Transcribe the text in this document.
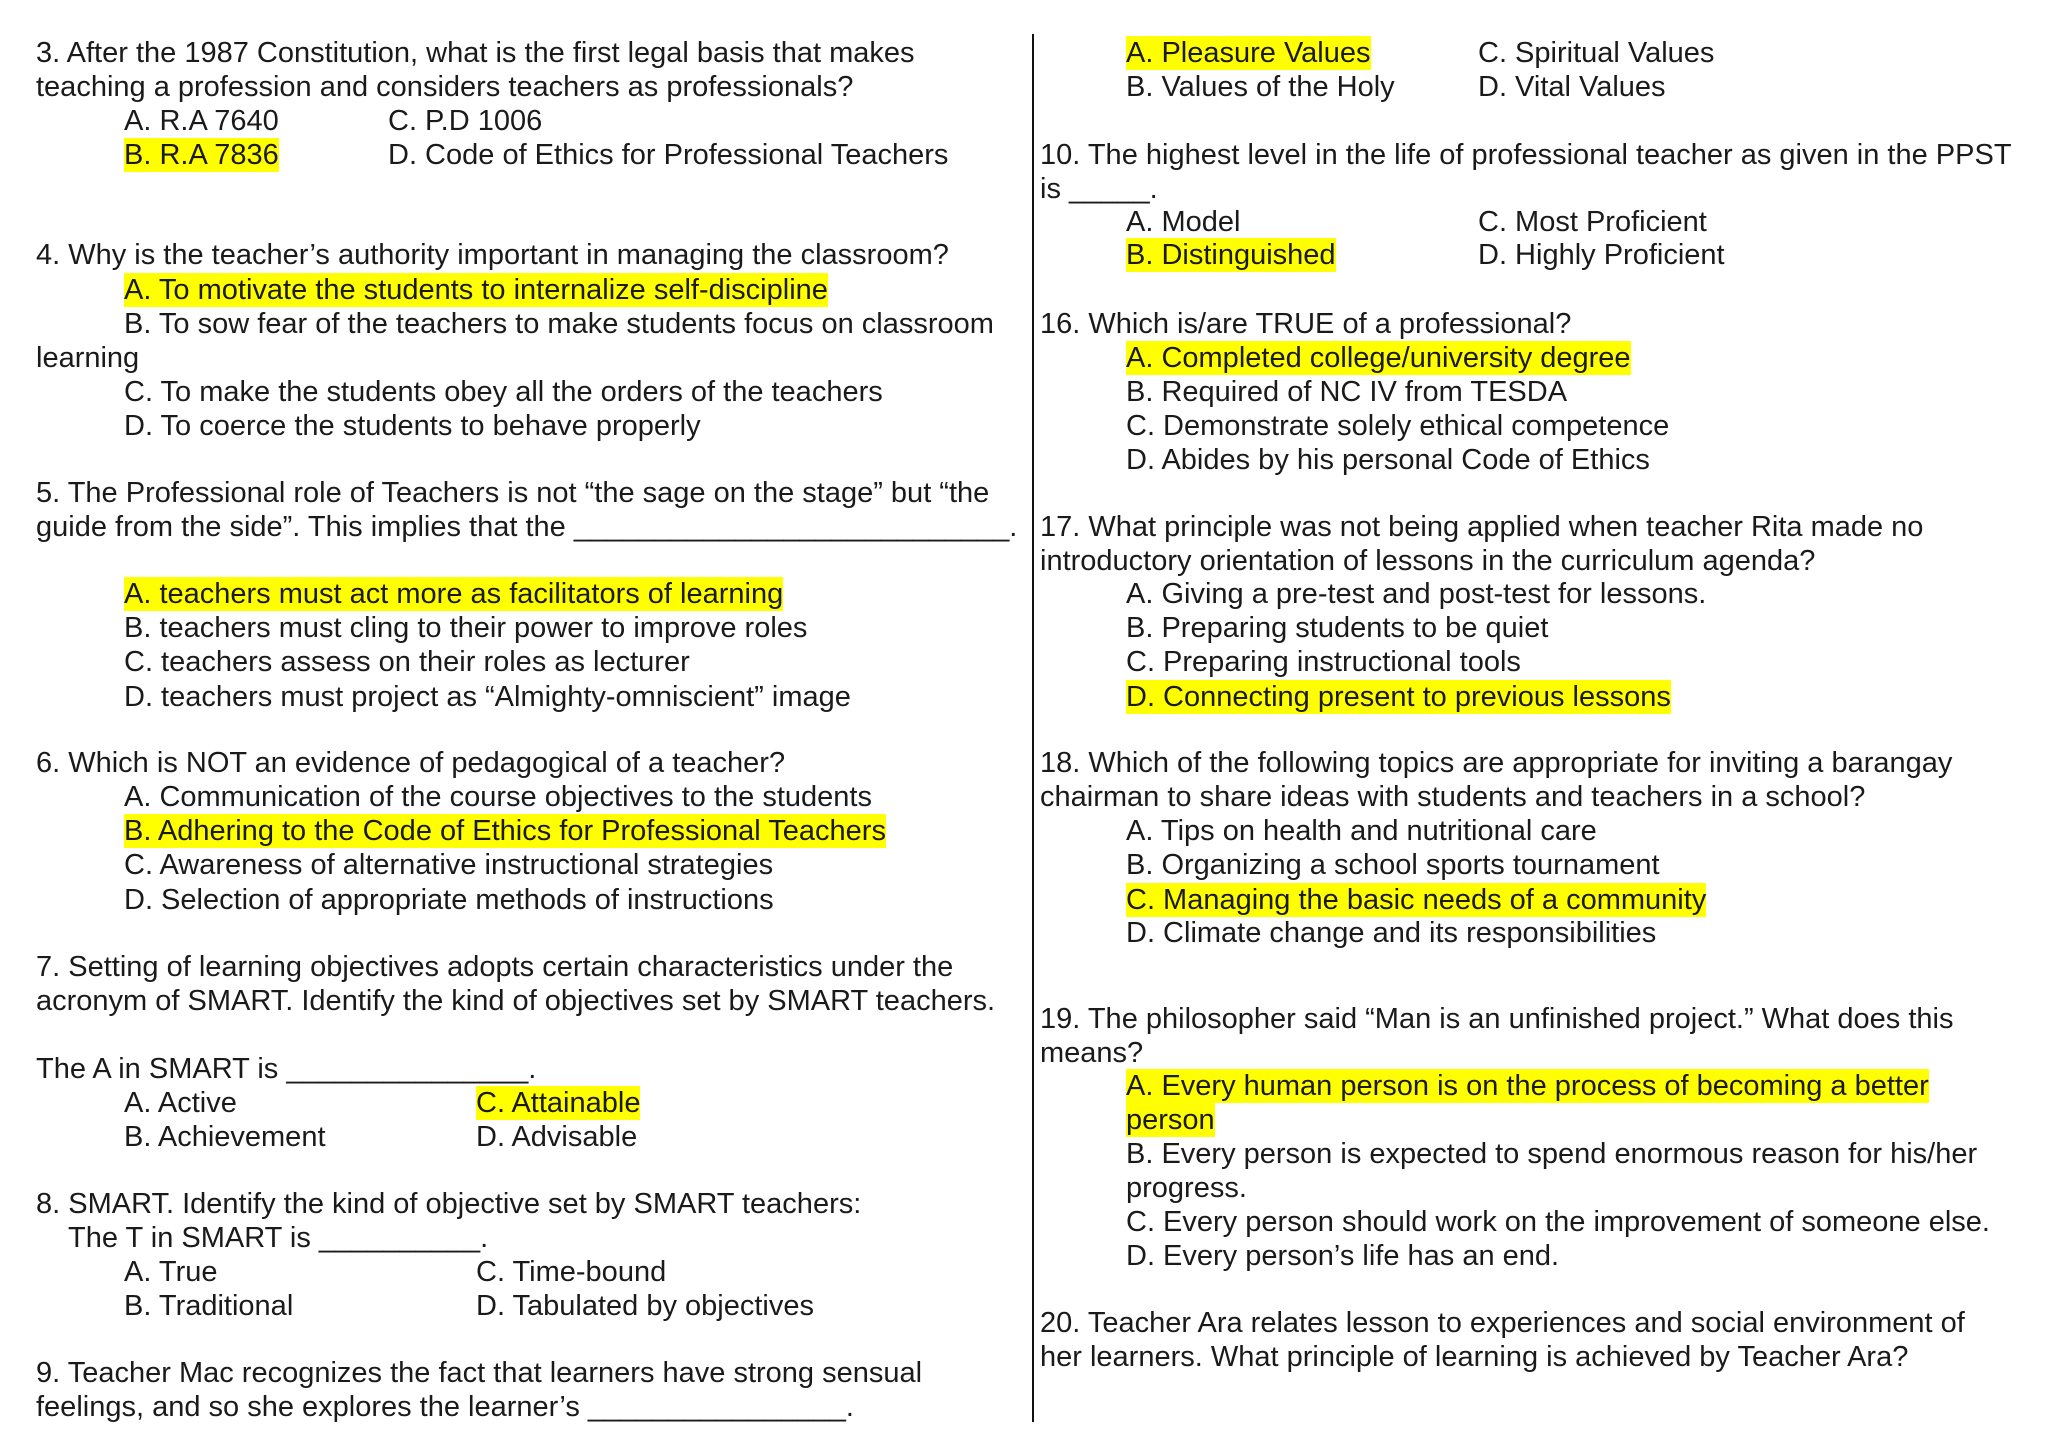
3. After the 1987 Constitution, what is the first legal basis that makes
teaching a profession and considers teachers as professionals?
A. R.A 7640	C. P.D 1006
B. R.A 7836	D. Code of Ethics for Professional Teachers
4. Why is the teacher’s authority important in managing the classroom?
A. To motivate the students to internalize self-discipline
B. To sow fear of the teachers to make students focus on classroom
learning
C. To make the students obey all the orders of the teachers
D. To coerce the students to behave properly
5. The Professional role of Teachers is not “the sage on the stage” but “the
guide from the side”. This implies that the ___________________________.
A. teachers must act more as facilitators of learning
B. teachers must cling to their power to improve roles
C. teachers assess on their roles as lecturer
D. teachers must project as “Almighty-omniscient” image
6. Which is NOT an evidence of pedagogical of a teacher?
A. Communication of the course objectives to the students
B. Adhering to the Code of Ethics for Professional Teachers
C. Awareness of alternative instructional strategies
D. Selection of appropriate methods of instructions
7. Setting of learning objectives adopts certain characteristics under the
acronym of SMART. Identify the kind of objectives set by SMART teachers.
The A in SMART is _______________.
A. Active	C. Attainable
B. Achievement	D. Advisable
8. SMART. Identify the kind of objective set by SMART teachers:
The T in SMART is __________.
A. True	C. Time-bound
B. Traditional	D. Tabulated by objectives
9. Teacher Mac recognizes the fact that learners have strong sensual
feelings, and so she explores the learner’s ________________.
A. Pleasure Values	C. Spiritual Values
B. Values of the Holy	D. Vital Values
10. The highest level in the life of professional teacher as given in the PPST
is _____.
A. Model	C. Most Proficient
B. Distinguished	D. Highly Proficient
16. Which is/are TRUE of a professional?
A. Completed college/university degree
B. Required of NC IV from TESDA
C. Demonstrate solely ethical competence
D. Abides by his personal Code of Ethics
17. What principle was not being applied when teacher Rita made no
introductory orientation of lessons in the curriculum agenda?
A. Giving a pre-test and post-test for lessons.
B. Preparing students to be quiet
C. Preparing instructional tools
D. Connecting present to previous lessons
18. Which of the following topics are appropriate for inviting a barangay
chairman to share ideas with students and teachers in a school?
A. Tips on health and nutritional care
B. Organizing a school sports tournament
C. Managing the basic needs of a community
D. Climate change and its responsibilities
19. The philosopher said “Man is an unfinished project.” What does this
means?
A. Every human person is on the process of becoming a better
person
B. Every person is expected to spend enormous reason for his/her
progress.
C. Every person should work on the improvement of someone else.
D. Every person’s life has an end.
20. Teacher Ara relates lesson to experiences and social environment of
her learners. What principle of learning is achieved by Teacher Ara?
